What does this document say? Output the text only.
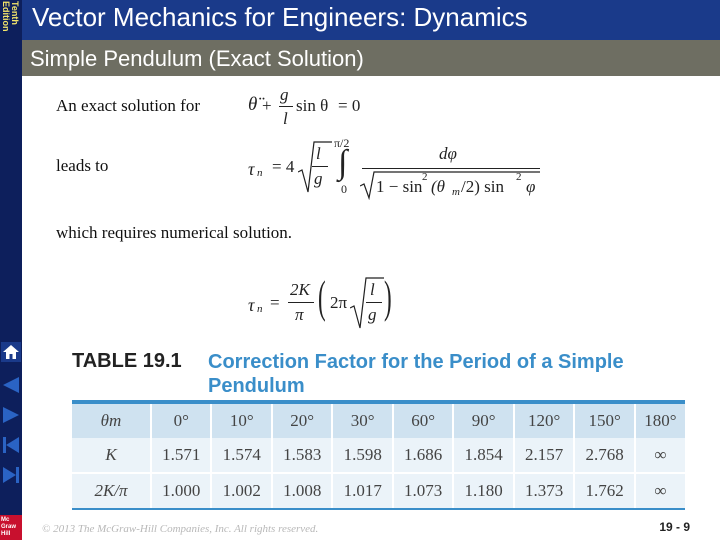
Tenth
Edition Vector Mechanics for Engineers: Dynamics
Simple Pendulum (Exact Solution)
An exact solution for
leads to
which requires numerical solution.
θ̈ +
g
l
sin θ = 0
τ n = 4
l
g
π/2
∫
0
dφ
1 − sin 2 (θ m /2) sin 2 φ
τ n =
2K
π ( 2π
l
g )
TABLE 19.1 Correction Factor for the Period of a Simple Pendulum
θm	0°	10°	20°	30°	60°	90°	120°	150°	180°
K	1.571	1.574	1.583	1.598	1.686	1.854	2.157	2.768	∞
2K/π	1.000	1.002	1.008	1.017	1.073	1.180	1.373	1.762	∞
Mc
Graw
Hill	© 2013 The McGraw-Hill Companies, Inc. All rights reserved.	19 - 9
